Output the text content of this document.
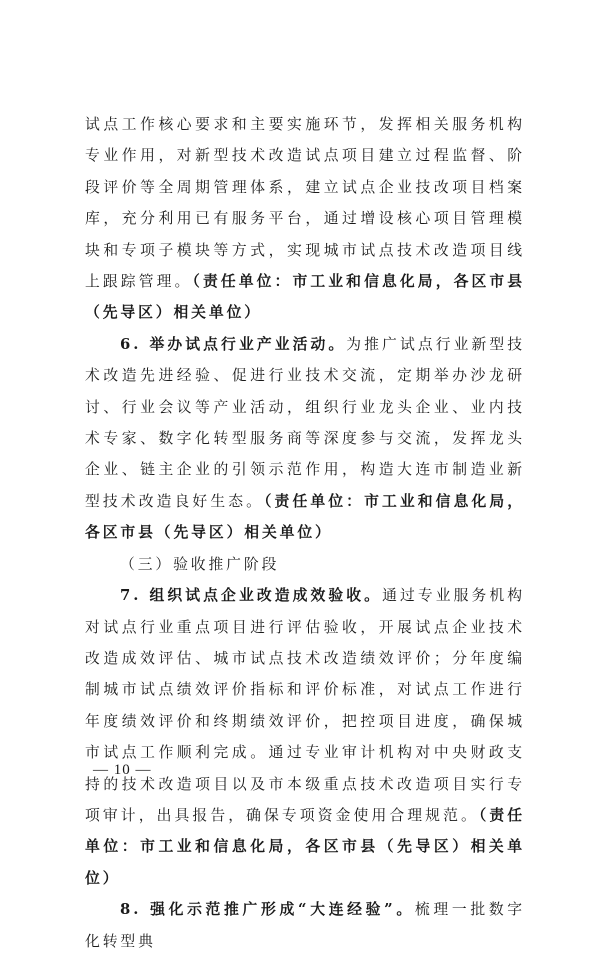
试点工作核心要求和主要实施环节，发挥相关服务机构专业作用，对新型技术改造试点项目建立过程监督、阶段评价等全周期管理体系，建立试点企业技改项目档案库，充分利用已有服务平台，通过增设核心项目管理模块和专项子模块等方式，实现城市试点技术改造项目线上跟踪管理。（责任单位：市工业和信息化局，各区市县（先导区）相关单位）

6. 举办试点行业产业活动。为推广试点行业新型技术改造先进经验、促进行业技术交流，定期举办沙龙研讨、行业会议等产业活动，组织行业龙头企业、业内技术专家、数字化转型服务商等深度参与交流，发挥龙头企业、链主企业的引领示范作用，构造大连市制造业新型技术改造良好生态。（责任单位：市工业和信息化局，各区市县（先导区）相关单位）

（三）验收推广阶段

7. 组织试点企业改造成效验收。通过专业服务机构对试点行业重点项目进行评估验收，开展试点企业技术改造成效评估、城市试点技术改造绩效评价；分年度编制城市试点绩效评价指标和评价标准，对试点工作进行年度绩效评价和终期绩效评价，把控项目进度，确保城市试点工作顺利完成。通过专业审计机构对中央财政支持的技术改造项目以及市本级重点技术改造项目实行专项审计，出具报告，确保专项资金使用合理规范。（责任单位：市工业和信息化局，各区市县（先导区）相关单位）

8. 强化示范推广形成“大连经验”。梳理一批数字化转型典

— 10 —
